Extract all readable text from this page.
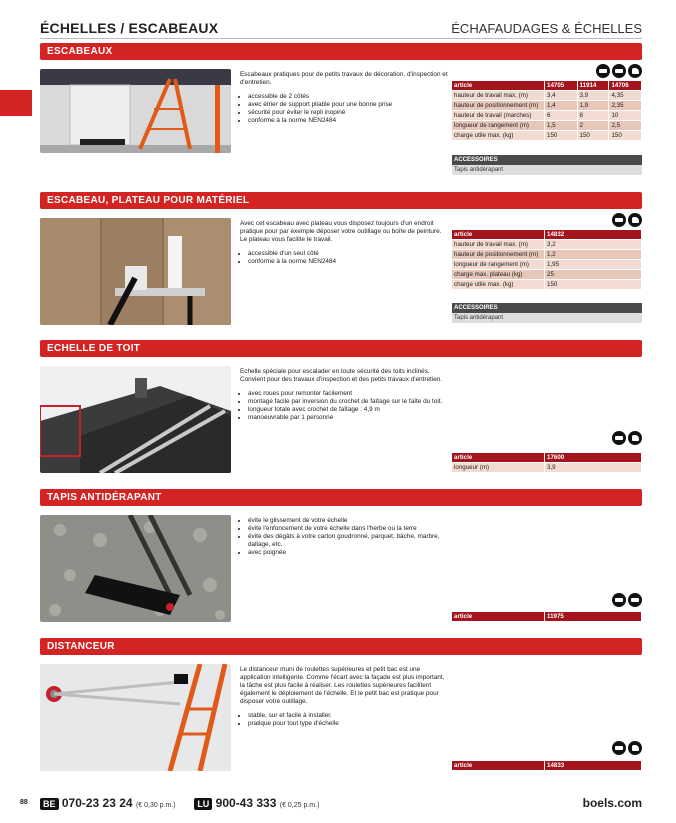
ÉCHELLES / ESCABEAUX	ÉCHAFAUDAGES & ÉCHELLES
ESCABEAUX

Escabeaux pratiques pour de petits travaux de décoration, d'inspection et d'entretien.

• accessible de 2 côtés
• avec étrier de support pliable pour une bonne prise
• sécurité pour éviter le repli inopiné
• conforme à la norme NEN2484
article	14705	11914	14706
hauteur de travail max. (m)	3,4	3,9	4,35
hauteur de positionnement (m)	1,4	1,9	2,35
hauteur de travail (marches)	6	8	10
longueur de rangement (m)	1,5	2	2,5
charge utile max. (kg)	150	150	150
ACCESSOIRES
Tapis antidérapant
ESCABEAU, PLATEAU POUR MATÉRIEL

Avec cet escabeau avec plateau vous disposez toujours d'un endroit pratique pour par exemple déposer votre outillage ou boîte de peinture. Le plateau vous facilite le travail.

• accessible d'un seul côté
• conforme à la norme NEN2484
article	14832
hauteur de travail max. (m)	3,2
hauteur de positionnement (m)	1,2
longueur de rangement (m)	1,95
charge max. plateau (kg)	25
charge utile max. (kg)	150
ACCESSOIRES
Tapis antidérapant
ECHELLE DE TOIT

Echelle spéciale pour escalader en toute sécurité des toits inclinés. Convient pour des travaux d'inspection et des petits travaux d'entretien.

• avec roues pour remonter facilement
• montage facile par inversion du crochet de faîtage sur le faîte du toit.
• longueur totale avec crochet de faîtage : 4,9 m
• manoeuvrable par 1 personne
article	17600
longueur (m)	3,9
TAPIS ANTIDÉRAPANT
• évite le glissement de votre échelle
• évite l'enfoncement de votre échelle dans l'herbe ou la terre
• évite des dégâts à votre carton goudronné, parquet, bâche, marbre, dallage, etc.
• avec poignée
article	11975
DISTANCEUR

Le distanceur muni de roulettes supérieures et petit bac est une application intelligente. Comme l'écart avec la façade est plus important, la tâche est plus facile à réaliser. Les roulettes supérieures facilitent également le déploiement de l'échelle. Et le petit bac est pratique pour disposer votre outillage.

• stable, sur et facile à installer.
• pratique pour tout type d'échelle
article	14833
88	BE 070-23 23 24 (€ 0,30 p.m.) LU 900-43 333 (€ 0,25 p.m.)	boels.com
